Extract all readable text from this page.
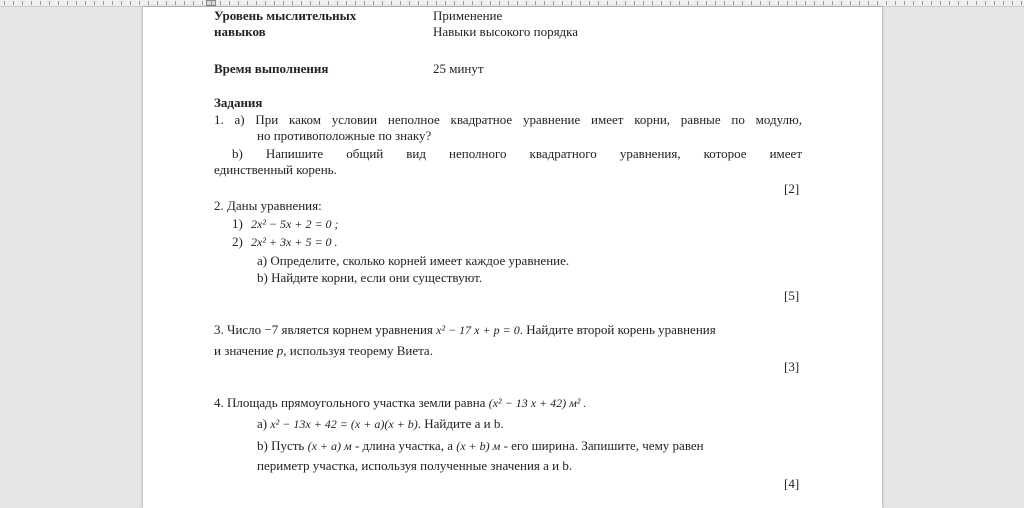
Уровень мыслительных
навыков
Применение
Навыки высокого порядка
Время выполнения	25 минут
Задания
1. а) При каком условии неполное квадратное уравнение имеет корни, равные по модулю,
но противоположные по знаку?
b) Напишите общий вид неполного квадратного уравнения, которое имеет
единственный корень.
[2]
2. Даны уравнения:
1) 2x² − 5x + 2 = 0 ;
2) 2x² + 3x + 5 = 0 .
a) Определите, сколько корней имеет каждое уравнение.
b) Найдите корни, если они существуют.
[5]
3. Число −7 является корнем уравнения x² − 17 x + p = 0. Найдите второй корень уравнения
и значение p, используя теорему Виета.
[3]
4. Площадь прямоугольного участка земли равна (x² − 13 x + 42) м² .
a) x² − 13x + 42 = (x + a)(x + b). Найдите a и b.
b) Пусть (x + a) м - длина участка, а (x + b) м - его ширина. Запишите, чему равен
периметр участка, используя полученные значения a и b.
[4]
